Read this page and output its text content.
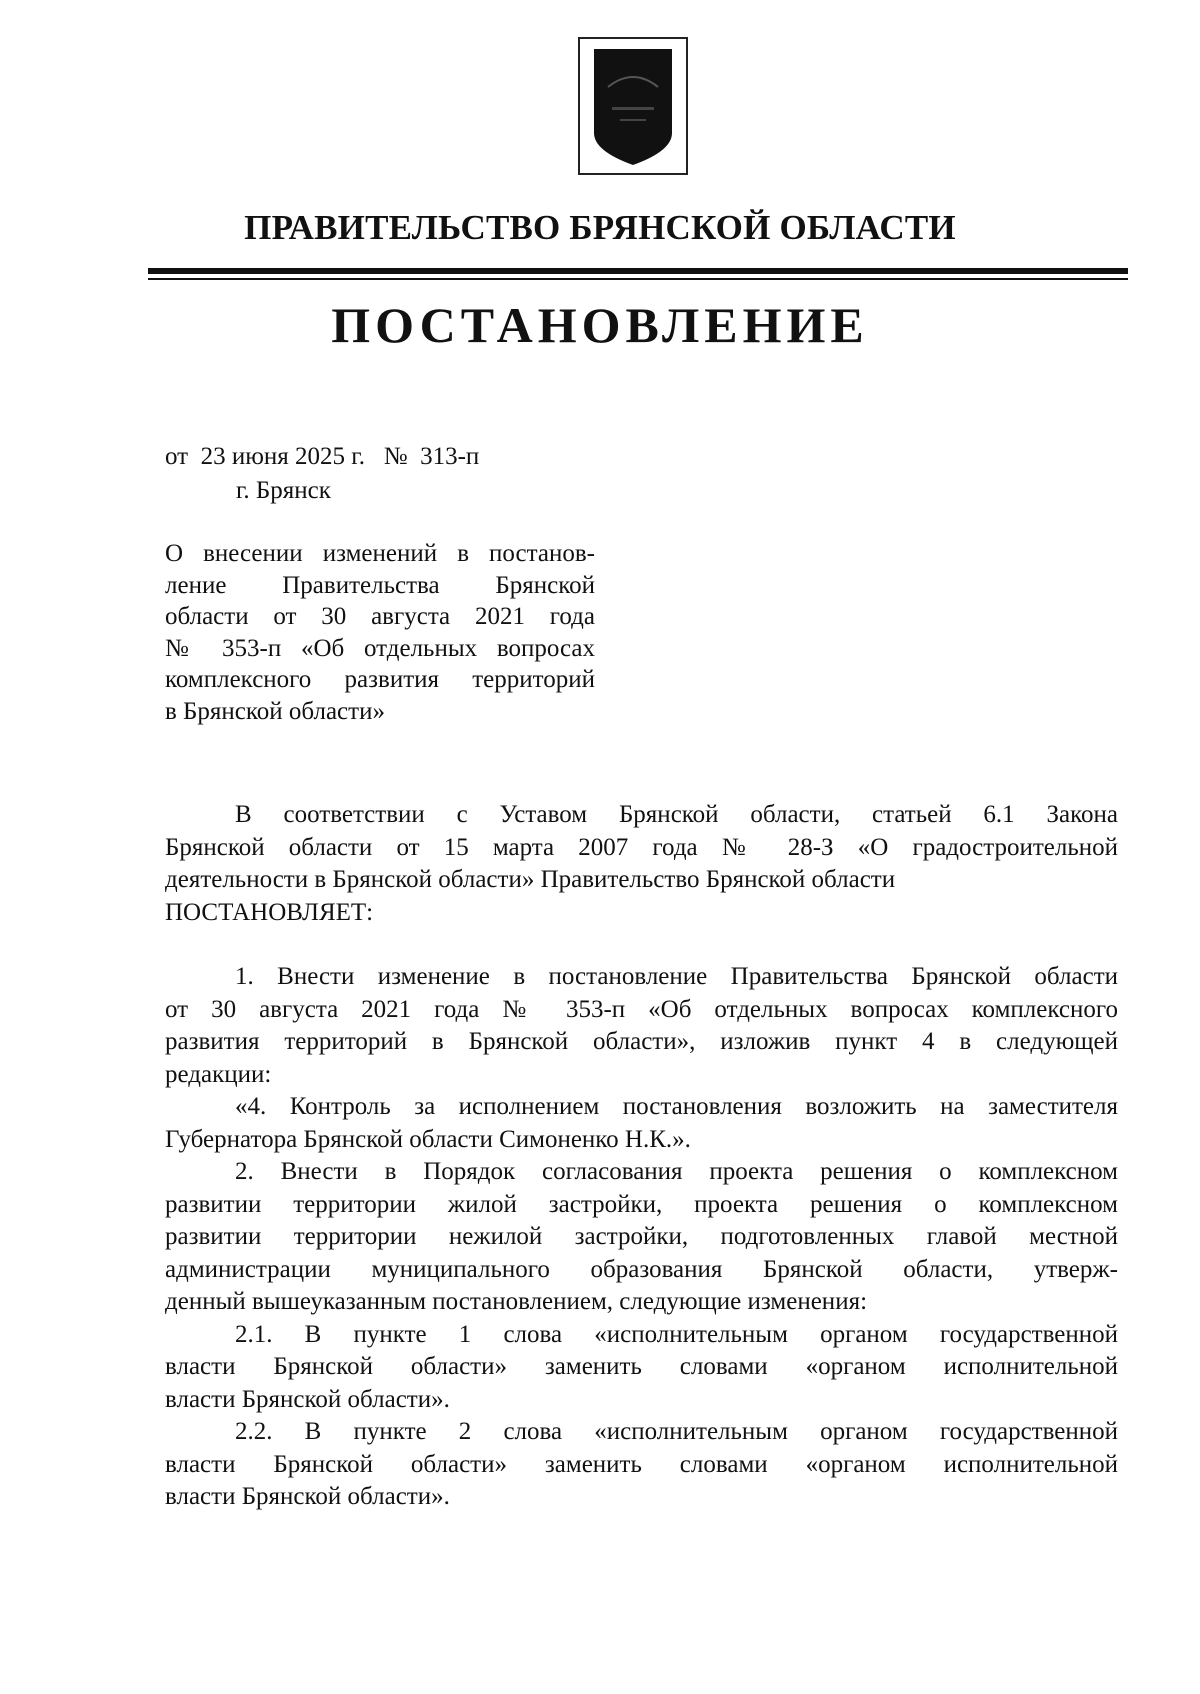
ПРАВИТЕЛЬСТВО БРЯНСКОЙ ОБЛАСТИ
ПОСТАНОВЛЕНИЕ
от 23 июня 2025 г. № 313-п
г. Брянск
О внесении изменений в постанов-
ление Правительства Брянской
области от 30 августа 2021 года
№ 353-п «Об отдельных вопросах
комплексного развития территорий
в Брянской области»
В соответствии с Уставом Брянской области, статьей 6.1 Закона
Брянской области от 15 марта 2007 года № 28-З «О градостроительной
деятельности в Брянской области» Правительство Брянской области
ПОСТАНОВЛЯЕТ:
1. Внести изменение в постановление Правительства Брянской области
от 30 августа 2021 года № 353-п «Об отдельных вопросах комплексного
развития территорий в Брянской области», изложив пункт 4 в следующей
редакции:
«4. Контроль за исполнением постановления возложить на заместителя
Губернатора Брянской области Симоненко Н.К.».
2. Внести в Порядок согласования проекта решения о комплексном
развитии территории жилой застройки, проекта решения о комплексном
развитии территории нежилой застройки, подготовленных главой местной
администрации муниципального образования Брянской области, утверж-
денный вышеуказанным постановлением, следующие изменения:
2.1. В пункте 1 слова «исполнительным органом государственной
власти Брянской области» заменить словами «органом исполнительной
власти Брянской области».
2.2. В пункте 2 слова «исполнительным органом государственной
власти Брянской области» заменить словами «органом исполнительной
власти Брянской области».
